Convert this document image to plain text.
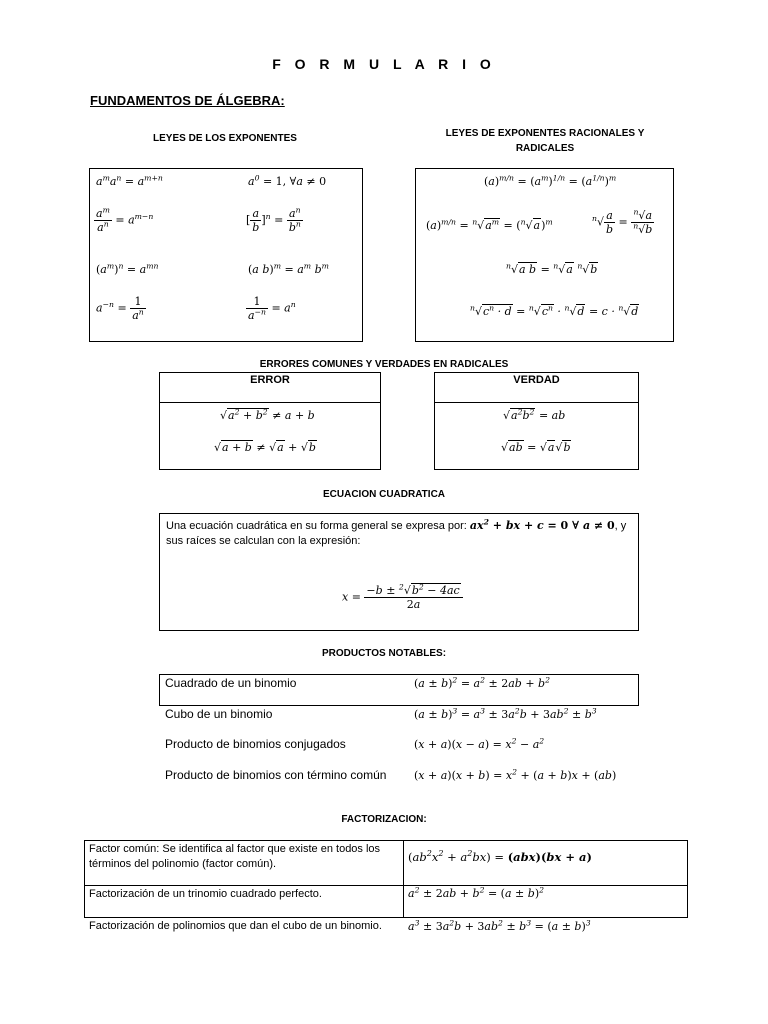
F O R M U L A R I O
FUNDAMENTOS DE ÁLGEBRA:
LEYES DE LOS EXPONENTES
$a^ma^n = a^{m+n}$	$a^0 = 1$, ∀a ≠ 0
$\frac{a^m}{a^n} = a^{m-n}$	[ $\frac{a}{b} ]^n = \frac{a^n}{b^n}$
$(a^m)^n = a^{mn}$	(a $b)^m = a^m$ $b^m$
$a^{-n} = \frac{1}{a^n}$	$\frac{1}{a^{-n}} = a^n$
LEYES DE EXPONENTES RACIONALES Y RADICALES
$(a)^{m/n} = (a^m)^{1/n} = (a^{1/n})^m$
$(a)^{m/n} = ^n√a^m = (^n√a)^m$	$^n√ \frac{a}{b} = \frac{^n√a}{^n√b}$
$^n$√a b = $^n$√a $^n$√b
$^n√c^n \cdot d = ^n√c^n \cdot ^n√d = c \cdot ^n√d$
ERRORES COMUNES Y VERDADES EN RADICALES
ERROR
$√a^2 + b^2 \ne a + b$
√a + b ≠ √a + √b
VERDAD
$√a^2b^2$ = ab
√ab = √a√b
ECUACION CUADRATICA
Una ecuación cuadrática en su forma general se expresa por: $ax^2$ + bx + c = 0 ∀ a ≠ 0, y sus raíces se calculan con la expresión:
$x = \frac{-b \pm ^2√b^2 - 4ac}{2a}$
PRODUCTOS NOTABLES:
Cuadrado de un binomio	$(a \pm b)^2 = a^2 \pm 2ab + b^2$
Cubo de un binomio	$(a \pm b)^3 = a^3 \pm 3a^2b + 3ab^2 \pm b^3$
Producto de binomios conjugados	$(x + a)(x - a) = x^2 - a^2$
Producto de binomios con término común	$(x + a)(x + b) = x^2 + (a + b)x + (ab)$
FACTORIZACION:
Factor común: Se identifica al factor que existe en todos los términos del polinomio (factor común).	$(ab^2x^2 + a^2bx) = (abx)(bx + a)$
Factorización de un trinomio cuadrado perfecto.	$a^2 \pm 2ab + b^2 = (a \pm b)^2$
Factorización de polinomios que dan el cubo de un binomio. $a^3 \pm 3a^2b + 3ab^2 \pm b^3 = (a \pm b)^3$
